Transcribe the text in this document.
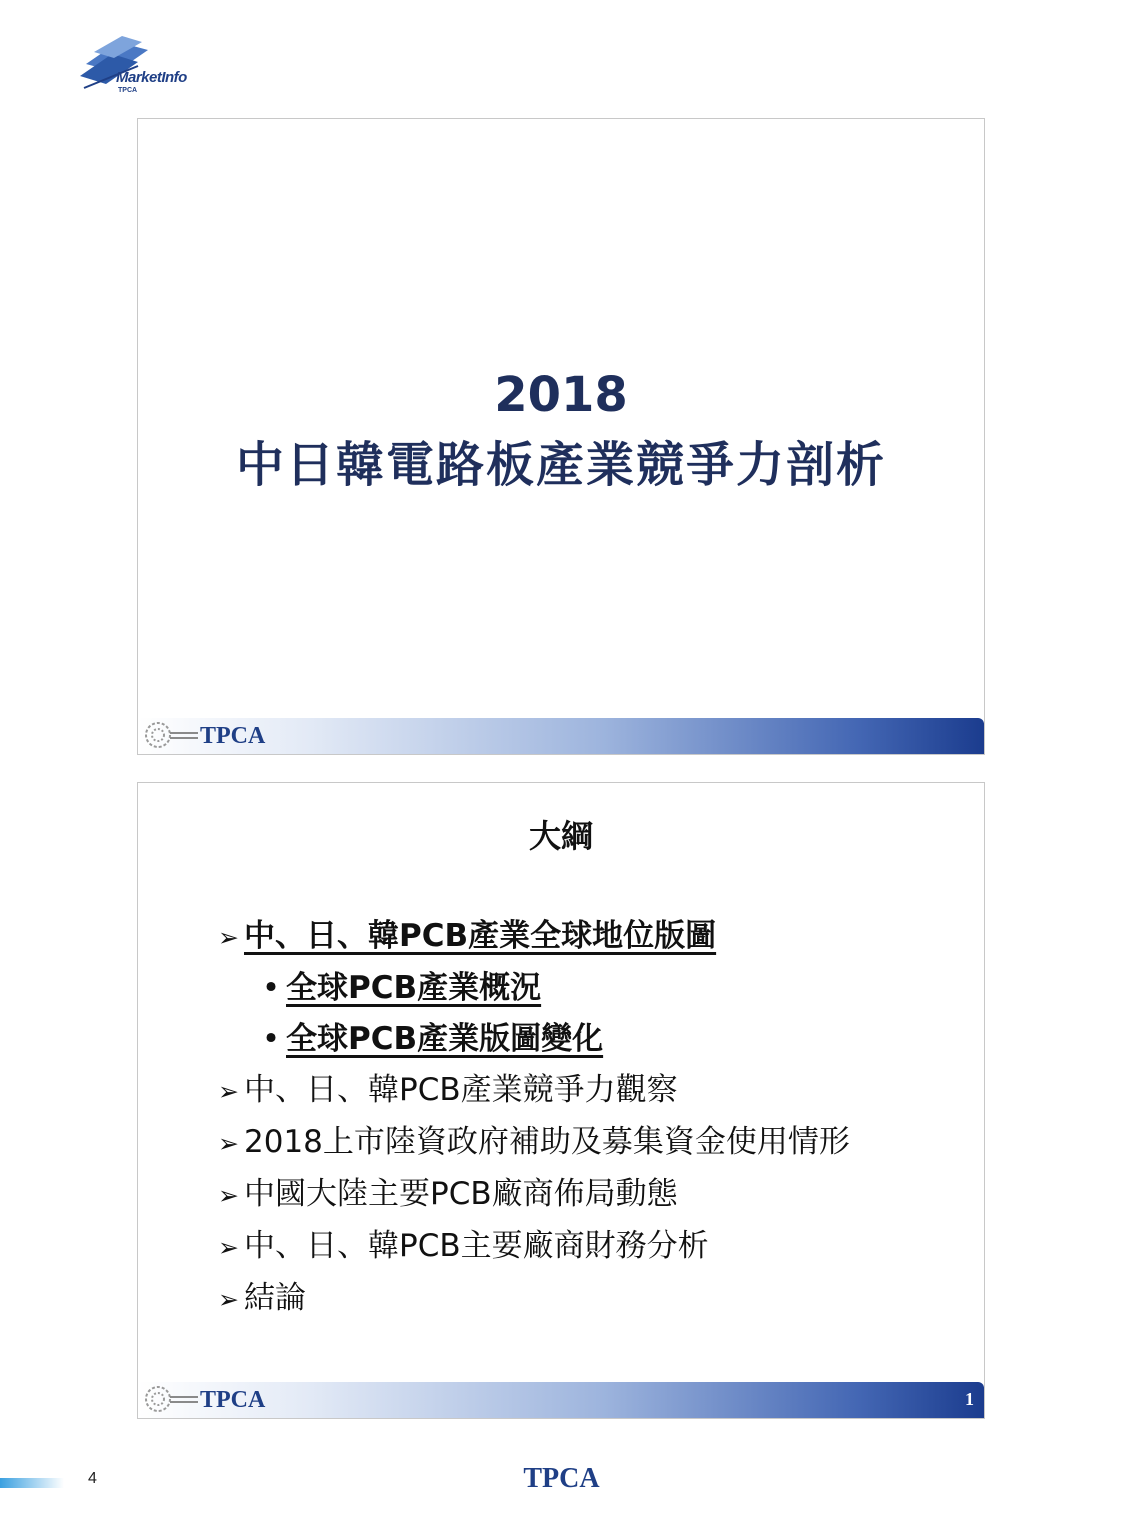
MarketInfo
TPCA
2018
中日韓電路板產業競爭力剖析
TPCA
大綱
➢ 中、日、韓PCB產業全球地位版圖
• 全球PCB產業概況
• 全球PCB產業版圖變化
➢ 中、日、韓PCB產業競爭力觀察
➢ 2018上市陸資政府補助及募集資金使用情形
➢ 中國大陸主要PCB廠商佈局動態
➢ 中、日、韓PCB主要廠商財務分析
➢ 結論
TPCA	1
4	TPCA
